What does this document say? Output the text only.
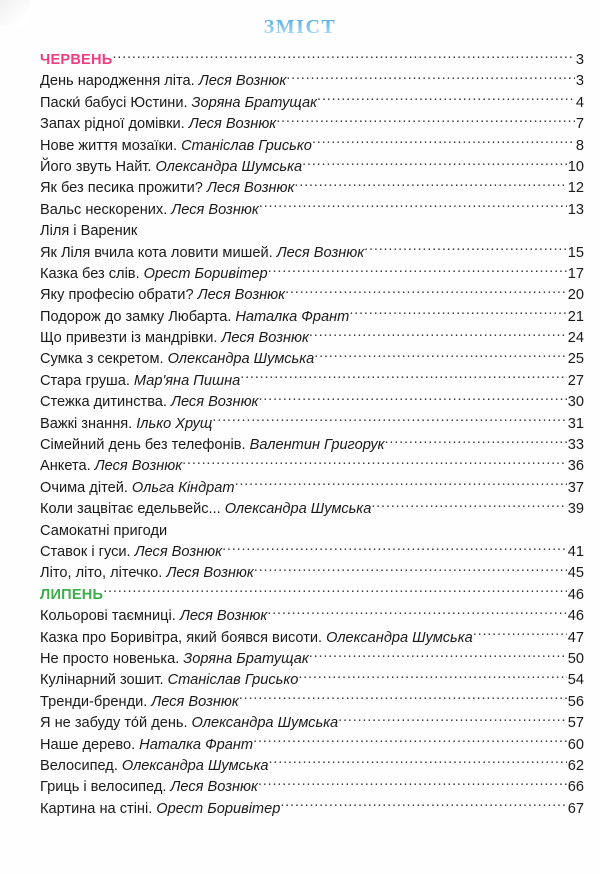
ЗМІСТ
ЧЕРВЕНЬ .....	3
День народження літа. Леся Вознюк .....	3
Паски́ бабусі Юстини. Зоряна Братущак .....	4
Запах рідної домівки. Леся Вознюк .....	7
Нове життя мозаїки. Станіслав Грисько .....	8
Його звуть Найт. Олександра Шумська .....	10
Як без песика прожити? Леся Вознюк .....	12
Вальс нескорених. Леся Вознюк .....	13
Ліля і Вареник
Як Ліля вчила кота ловити мишей. Леся Вознюк .....	15
Казка без слів. Орест Боривітер .....	17
Яку професію обрати? Леся Вознюк .....	20
Подорож до замку Любарта. Наталка Франт .....	21
Що привезти із мандрівки. Леся Вознюк .....	24
Сумка з секретом. Олександра Шумська .....	25
Стара груша. Мар'яна Пишна .....	27
Стежка дитинства. Леся Вознюк .....	30
Важкі знання. Ілько Хрущ .....	31
Сімейний день без телефонів. Валентин Григорук .....	33
Анкета. Леся Вознюк .....	36
Очима дітей. Ольга Кіндрат .....	37
Коли зацвітає едельвейс... Олександра Шумська .....	39
Самокатні пригоди
Ставок і гуси. Леся Вознюк .....	41
Літо, літо, літечко. Леся Вознюк .....	45
ЛИПЕНЬ .....	46
Кольорові таємниці. Леся Вознюк .....	46
Казка про Боривітра, який боявся висоти. Олександра Шумська .....	47
Не просто новенька. Зоряна Братущак .....	50
Кулінарний зошит. Станіслав Грисько .....	54
Тренди-бренди. Леся Вознюк .....	56
Я не забуду то́й день. Олександра Шумська .....	57
Наше дерево. Наталка Франт .....	60
Велосипед. Олександра Шумська .....	62
Гриць і велосипед. Леся Вознюк .....	66
Картина на стіні. Орест Боривітер .....	67
